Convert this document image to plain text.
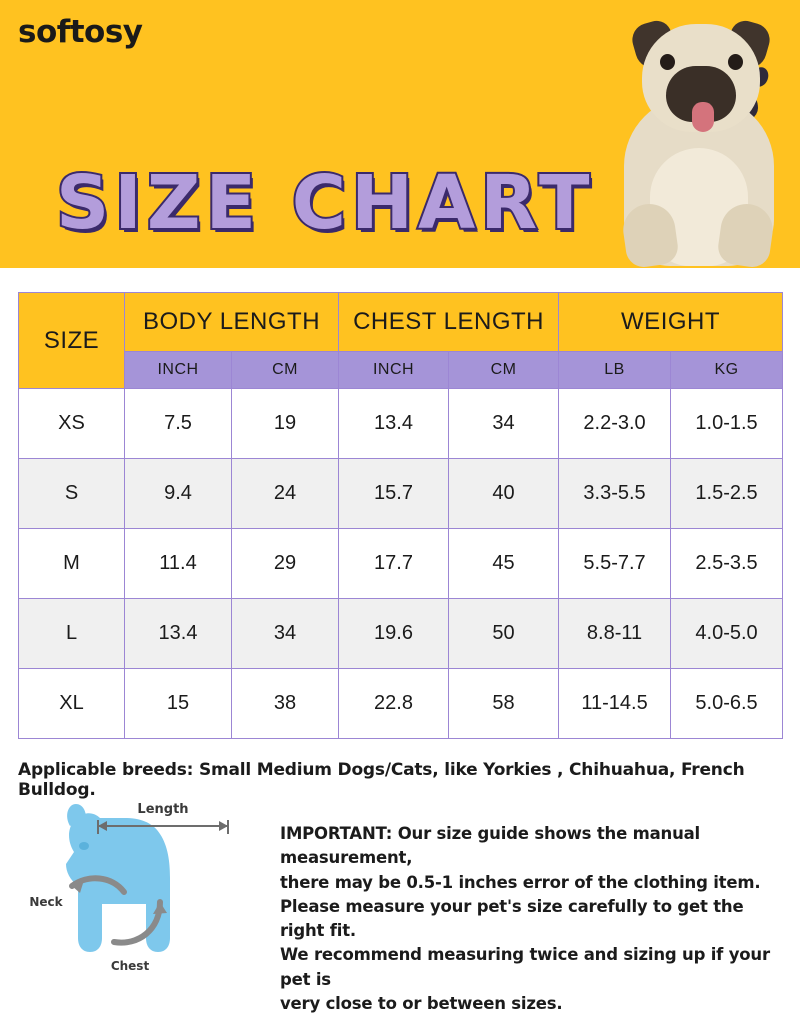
softosy
SIZE CHART
SIZE	BODY LENGTH		CHEST LENGTH		WEIGHT	
	INCH	CM	INCH	CM	LB	KG
XS	7.5	19	13.4	34	2.2-3.0	1.0-1.5
S	9.4	24	15.7	40	3.3-5.5	1.5-2.5
M	11.4	29	17.7	45	5.5-7.7	2.5-3.5
L	13.4	34	19.6	50	8.8-11	4.0-5.0
XL	15	38	22.8	58	11-14.5	5.0-6.5
Applicable breeds: Small Medium Dogs/Cats, like Yorkies , Chihuahua, French Bulldog.
Length
Neck
Chest

IMPORTANT: Our size guide shows the manual measurement,

there may be 0.5-1 inches error of the clothing item.

Please measure your pet's size carefully to get the right fit.

We recommend measuring twice and sizing up if your pet is

very close to or between sizes.
